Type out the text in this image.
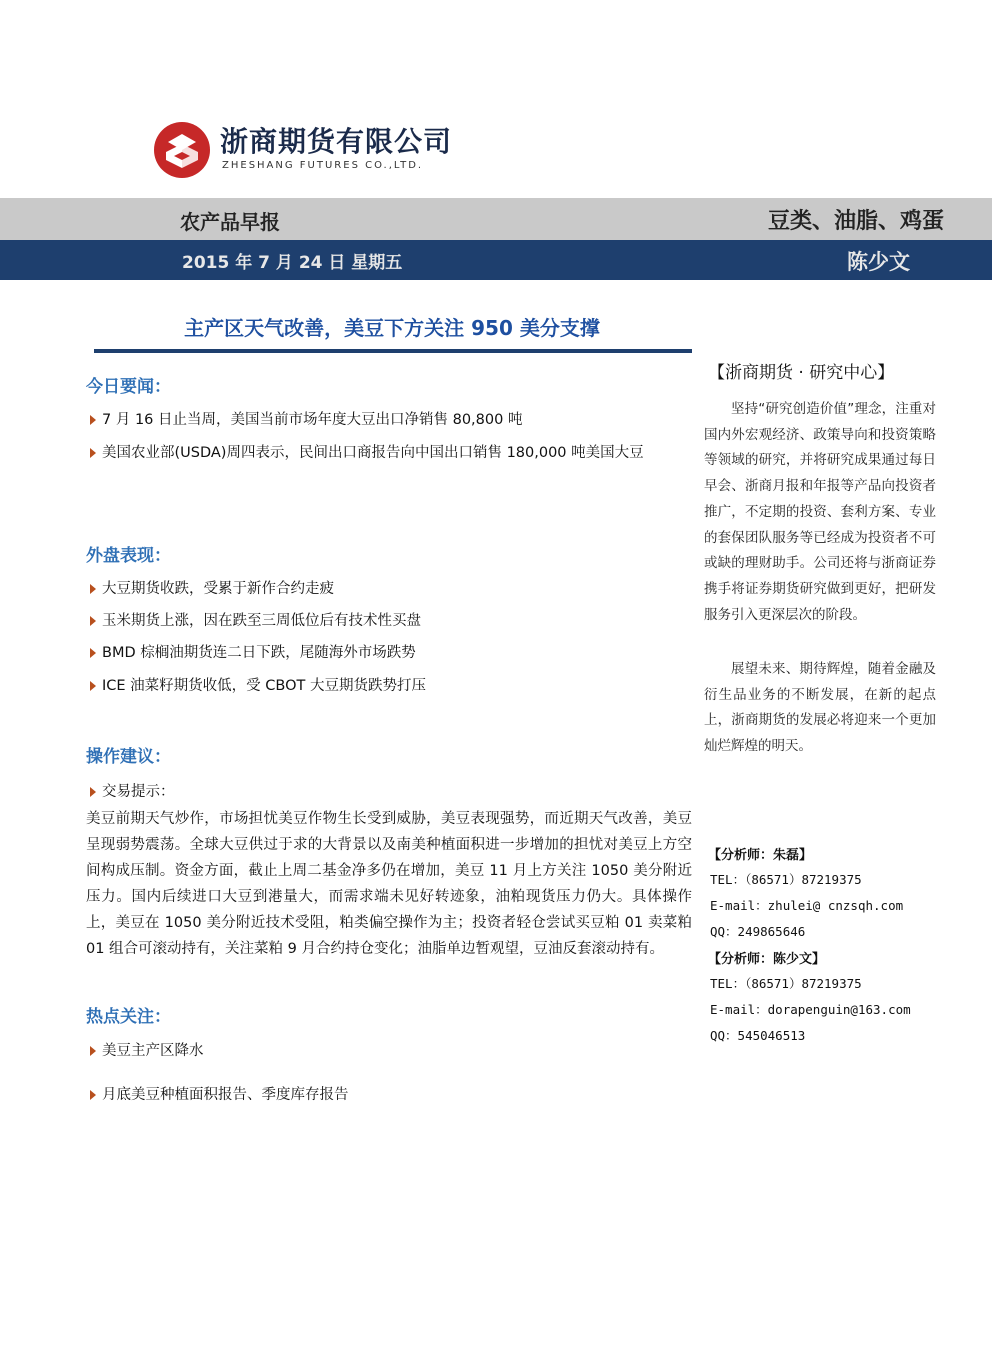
浙商期货有限公司
ZHESHANG FUTURES CO.,LTD.
农产品早报	豆类、油脂、鸡蛋
2015 年 7 月 24 日 星期五	陈少文
主产区天气改善，美豆下方关注 950 美分支撑
今日要闻：
7 月 16 日止当周，美国当前市场年度大豆出口净销售 80,800 吨
美国农业部(USDA)周四表示，民间出口商报告向中国出口销售 180,000 吨美国大豆
外盘表现：
大豆期货收跌，受累于新作合约走疲
玉米期货上涨，因在跌至三周低位后有技术性买盘
BMD 棕榈油期货连二日下跌，尾随海外市场跌势
ICE 油菜籽期货收低，受 CBOT 大豆期货跌势打压
操作建议：
交易提示：
美豆前期天气炒作，市场担忧美豆作物生长受到威胁，美豆表现强势，而近期天气改善，美豆呈现弱势震荡。全球大豆供过于求的大背景以及南美种植面积进一步增加的担忧对美豆上方空间构成压制。资金方面，截止上周二基金净多仍在增加，美豆 11 月上方关注 1050 美分附近压力。国内后续进口大豆到港量大，而需求端未见好转迹象，油粕现货压力仍大。具体操作上，美豆在 1050 美分附近技术受阻，粕类偏空操作为主；投资者轻仓尝试买豆粕 01 卖菜粕 01 组合可滚动持有，关注菜粕 9 月合约持仓变化；油脂单边暂观望，豆油反套滚动持有。
热点关注：
美豆主产区降水
月底美豆种植面积报告、季度库存报告
【浙商期货 · 研究中心】
坚持“研究创造价值”理念，注重对国内外宏观经济、政策导向和投资策略等领域的研究，并将研究成果通过每日早会、浙商月报和年报等产品向投资者推广，不定期的投资、套利方案、专业的套保团队服务等已经成为投资者不可或缺的理财助手。公司还将与浙商证券携手将证券期货研究做到更好，把研发服务引入更深层次的阶段。
展望未来、期待辉煌，随着金融及衍生品业务的不断发展，在新的起点上，浙商期货的发展必将迎来一个更加灿烂辉煌的明天。
【分析师：朱磊】
TEL：（86571）87219375
E-mail：zhulei@ cnzsqh.com
QQ：249865646
【分析师：陈少文】
TEL：（86571）87219375
E-mail：dorapenguin@163.com
QQ：545046513
